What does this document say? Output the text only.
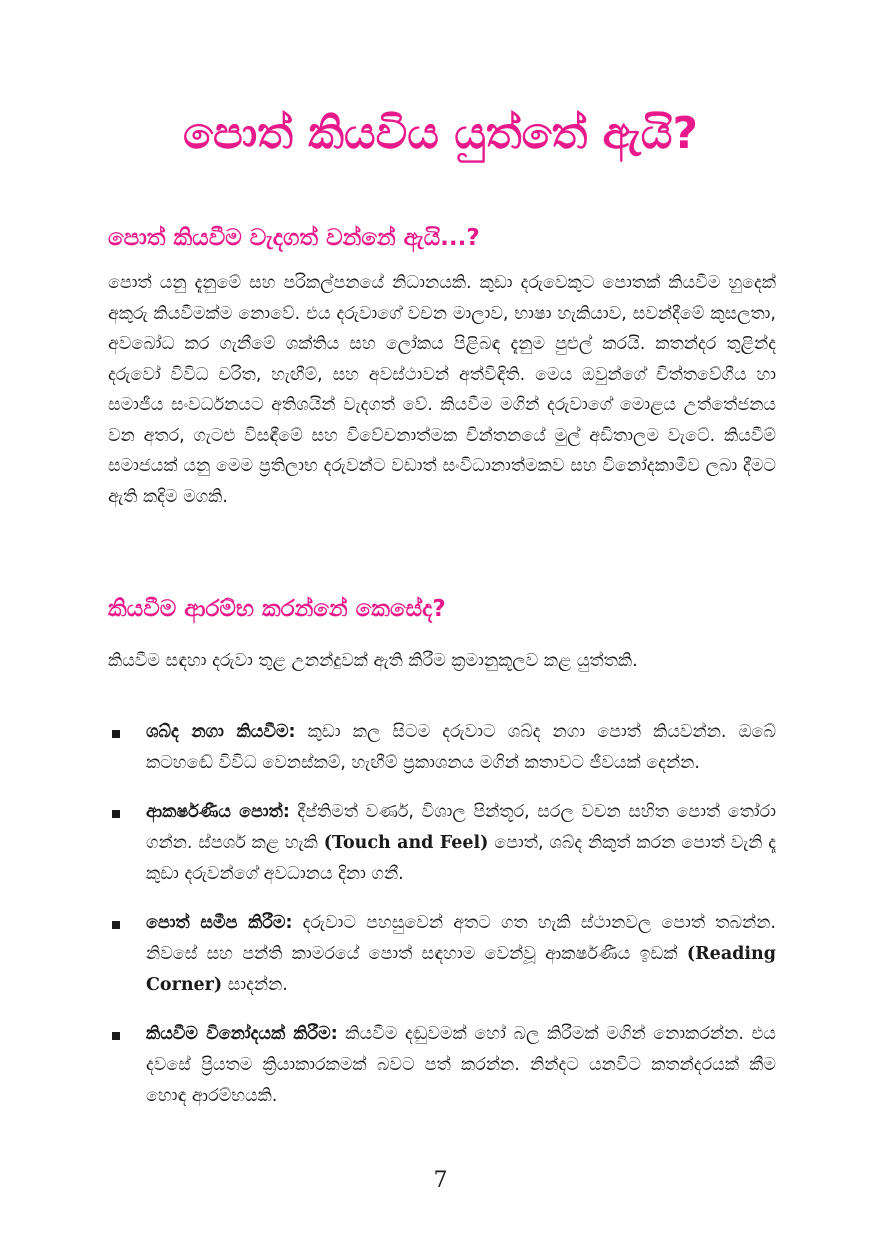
පොත් කියවිය යුත්තේ ඇයි?
පොත් කියවීම වැදගත් වන්නේ ඇයි...?

පොත් යනු දැනුමේ සහ පරිකල්පනයේ නිධානයකි. කුඩා දරුවෙකුට පොතක් කියවීම හුදෙක් අකුරු කියවීමක්ම නොවේ. එය දරුවාගේ වචන මාලාව, භාෂා හැකියාව, සවන්දීමේ කුසලතා, අවබෝධ කර ගැනීමේ ශක්තිය සහ ලෝකය පිළිබඳ දැනුම පුළුල් කරයි. කතන්දර තුළින්ද දරුවෝ විවිධ චරිත, හැඟීම්, සහ අවස්ථාවන් අත්විඳිති. මෙය ඔවුන්ගේ චිත්තවේගීය හා සමාජීය සංවර්ධනයට අතිශයින් වැදගත් වේ. කියවීම මගින් දරුවාගේ මොළය උත්තේජනය වන අතර, ගැටළු විසඳීමේ සහ විවේචනාත්මක චින්තනයේ මුල් අඩිතාලම වැටේ. කියවීම් සමාජයක් යනු මෙම ප්‍රතිලාභ දරුවන්ට වඩාත් සංවිධානාත්මකව සහ විනෝදකාමීව ලබා දීමට ඇති කදිම මගකි.

කියවීම ආරම්භ කරන්නේ කෙසේද?

කියවීම සඳහා දරුවා තුළ උනන්දුවක් ඇති කිරීම ක්‍රමානුකූලව කළ යුත්තකි.

ශබ්ද නගා කියවීම: කුඩා කල සිටම දරුවාට ශබ්ද නගා පොත් කියවන්න. ඔබේ කටහඬේ විවිධ වෙනස්කම්, හැඟීම් ප්‍රකාශනය මගින් කතාවට ජීවයක් දෙන්න.
ආකර්ෂණීය පොත්: දීප්තිමත් වර්ණ, විශාල පින්තූර, සරල වචන සහිත පොත් තෝරා ගන්න. ස්පර්ශ කළ හැකි (Touch and Feel) පොත්, ශබ්ද නිකුත් කරන පොත් වැනි දෑ කුඩා දරුවන්ගේ අවධානය දිනා ගනී.
පොත් සමීප කිරීම: දරුවාට පහසුවෙන් අතට ගත හැකි ස්ථානවල පොත් තබන්න. නිවසේ සහ පන්ති කාමරයේ පොත් සඳහාම වෙන්වූ ආකර්ෂණීය ඉඩක් (Reading Corner) සාදන්න.
කියවීම විනෝදයක් කිරීම: කියවීම දඬුවමක් හෝ බල කිරීමක් මගින් නොකරන්න. එය දවසේ ප්‍රියතම ක්‍රියාකාරකමක් බවට පත් කරන්න. නින්දට යනවිට කතන්දරයක් කීම හොඳ ආරම්භයකි.
7
